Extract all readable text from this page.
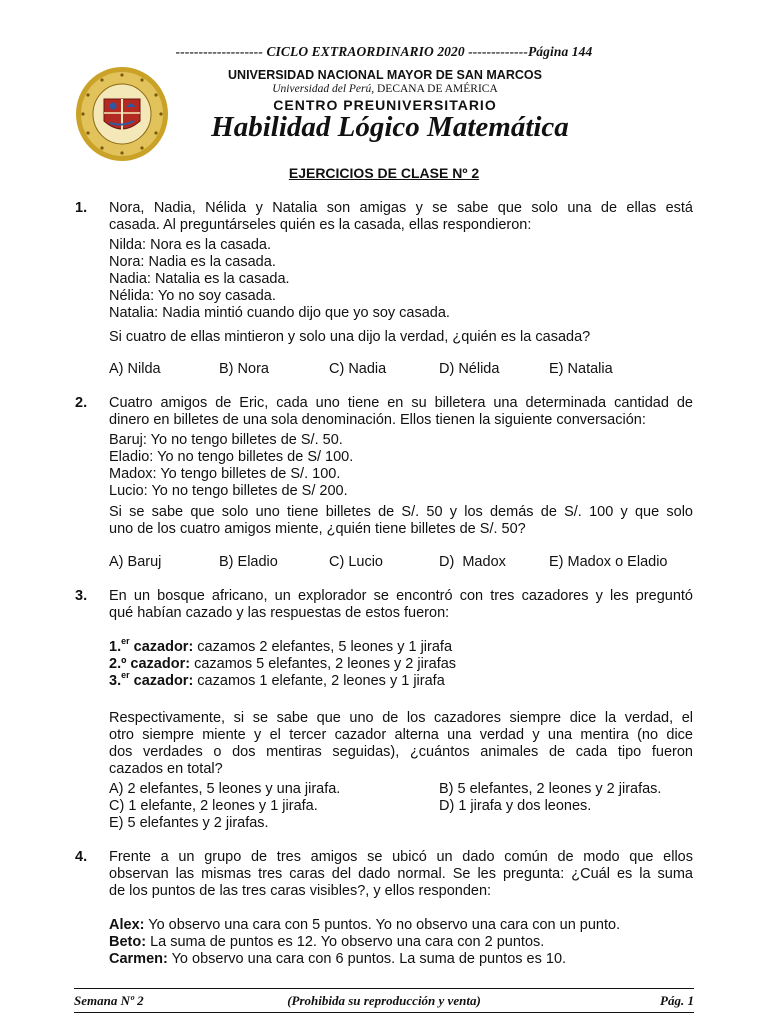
------------------- CICLO EXTRAORDINARIO 2020 -------------Página 144
UNIVERSIDAD NACIONAL MAYOR DE SAN MARCOS
Universidad del Perú, DECANA DE AMÉRICA
CENTRO PREUNIVERSITARIO
Habilidad Lógico Matemática
EJERCICIOS DE CLASE Nº 2
1. Nora, Nadia, Nélida y Natalia son amigas y se sabe que solo una de ellas está
casada. Al preguntárseles quién es la casada, ellas respondieron:
Nilda: Nora es la casada.
Nora: Nadia es la casada.
Nadia: Natalia es la casada.
Nélida: Yo no soy casada.
Natalia: Nadia mintió cuando dijo que yo soy casada.
Si cuatro de ellas mintieron y solo una dijo la verdad, ¿quién es la casada?
A) Nilda	B) Nora	C) Nadia	D) Nélida	E) Natalia
2. Cuatro amigos de Eric, cada uno tiene en su billetera una determinada cantidad de
dinero en billetes de una sola denominación. Ellos tienen la siguiente conversación:
Baruj: Yo no tengo billetes de S/. 50.
Eladio: Yo no tengo billetes de S/ 100.
Madox: Yo tengo billetes de S/. 100.
Lucio: Yo no tengo billetes de S/ 200.
Si se sabe que solo uno tiene billetes de S/. 50 y los demás de S/. 100 y que solo
uno de los cuatro amigos miente, ¿quién tiene billetes de S/. 50?
A) Baruj	B) Eladio	C) Lucio	D)  Madox	E) Madox o Eladio
3. En un bosque africano, un explorador se encontró con tres cazadores y les preguntó
qué habían cazado y las respuestas de estos fueron:
1.$^{er}$ cazador: cazamos 2 elefantes, 5 leones y 1 jirafa
2.º cazador: cazamos 5 elefantes, 2 leones y 2 jirafas
3.$^{er}$ cazador: cazamos 1 elefante, 2 leones y 1 jirafa
Respectivamente, si se sabe que uno de los cazadores siempre dice la verdad, el
otro siempre miente y el tercer cazador alterna una verdad y una mentira (no dice
dos verdades o dos mentiras seguidas), ¿cuántos animales de cada tipo fueron
cazados en total?
A) 2 elefantes, 5 leones y una jirafa.	B) 5 elefantes, 2 leones y 2 jirafas.
C) 1 elefante, 2 leones y 1 jirafa.	D) 1 jirafa y dos leones.
E) 5 elefantes y 2 jirafas.
4. Frente a un grupo de tres amigos se ubicó un dado común de modo que ellos
observan las mismas tres caras del dado normal. Se les pregunta: ¿Cuál es la suma
de los puntos de las tres caras visibles?, y ellos responden:
Alex: Yo observo una cara con 5 puntos. Yo no observo una cara con un punto.
Beto: La suma de puntos es 12. Yo observo una cara con 2 puntos.
Carmen: Yo observo una cara con 6 puntos. La suma de puntos es 10.
Semana Nº 2	(Prohibida su reproducción y venta)	Pág. 1
